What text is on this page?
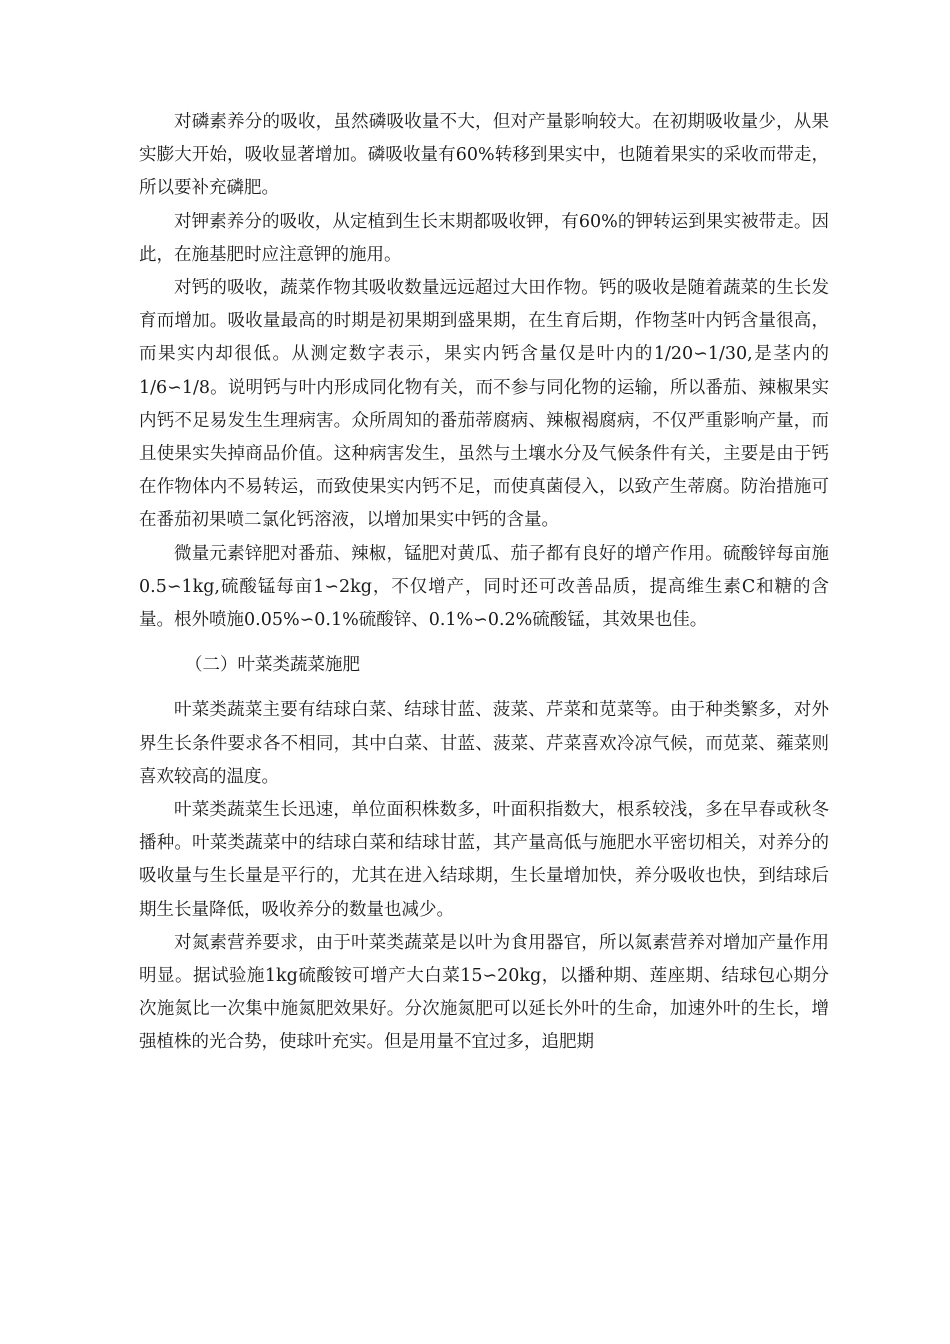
对磷素养分的吸收，虽然磷吸收量不大，但对产量影响较大。在初期吸收量少，从果实膨大开始，吸收显著增加。磷吸收量有60%转移到果实中，也随着果实的采收而带走，所以要补充磷肥。

对钾素养分的吸收，从定植到生长末期都吸收钾，有60%的钾转运到果实被带走。因此，在施基肥时应注意钾的施用。

对钙的吸收，蔬菜作物其吸收数量远远超过大田作物。钙的吸收是随着蔬菜的生长发育而增加。吸收量最高的时期是初果期到盛果期，在生育后期，作物茎叶内钙含量很高，而果实内却很低。从测定数字表示，果实内钙含量仅是叶内的1/20∽1/30,是茎内的1/6∽1/8。说明钙与叶内形成同化物有关，而不参与同化物的运输，所以番茄、辣椒果实内钙不足易发生生理病害。众所周知的番茄蒂腐病、辣椒褐腐病，不仅严重影响产量，而且使果实失掉商品价值。这种病害发生，虽然与土壤水分及气候条件有关，主要是由于钙在作物体内不易转运，而致使果实内钙不足，而使真菌侵入，以致产生蒂腐。防治措施可在番茄初果喷二氯化钙溶液，以增加果实中钙的含量。

微量元素锌肥对番茄、辣椒，锰肥对黄瓜、茄子都有良好的增产作用。硫酸锌每亩施0.5∽1kg,硫酸锰每亩1∽2kg，不仅增产，同时还可改善品质，提高维生素C和糖的含量。根外喷施0.05%∽0.1%硫酸锌、0.1%∽0.2%硫酸锰，其效果也佳。

（二）叶菜类蔬菜施肥

叶菜类蔬菜主要有结球白菜、结球甘蓝、菠菜、芹菜和苋菜等。由于种类繁多，对外界生长条件要求各不相同，其中白菜、甘蓝、菠菜、芹菜喜欢冷凉气候，而苋菜、蕹菜则喜欢较高的温度。

叶菜类蔬菜生长迅速，单位面积株数多，叶面积指数大，根系较浅，多在早春或秋冬播种。叶菜类蔬菜中的结球白菜和结球甘蓝，其产量高低与施肥水平密切相关，对养分的吸收量与生长量是平行的，尤其在进入结球期，生长量增加快，养分吸收也快，到结球后期生长量降低，吸收养分的数量也减少。

对氮素营养要求，由于叶菜类蔬菜是以叶为食用器官，所以氮素营养对增加产量作用明显。据试验施1kg硫酸铵可增产大白菜15∽20kg，以播种期、莲座期、结球包心期分次施氮比一次集中施氮肥效果好。分次施氮肥可以延长外叶的生命，加速外叶的生长，增强植株的光合势，使球叶充实。但是用量不宜过多，追肥期
